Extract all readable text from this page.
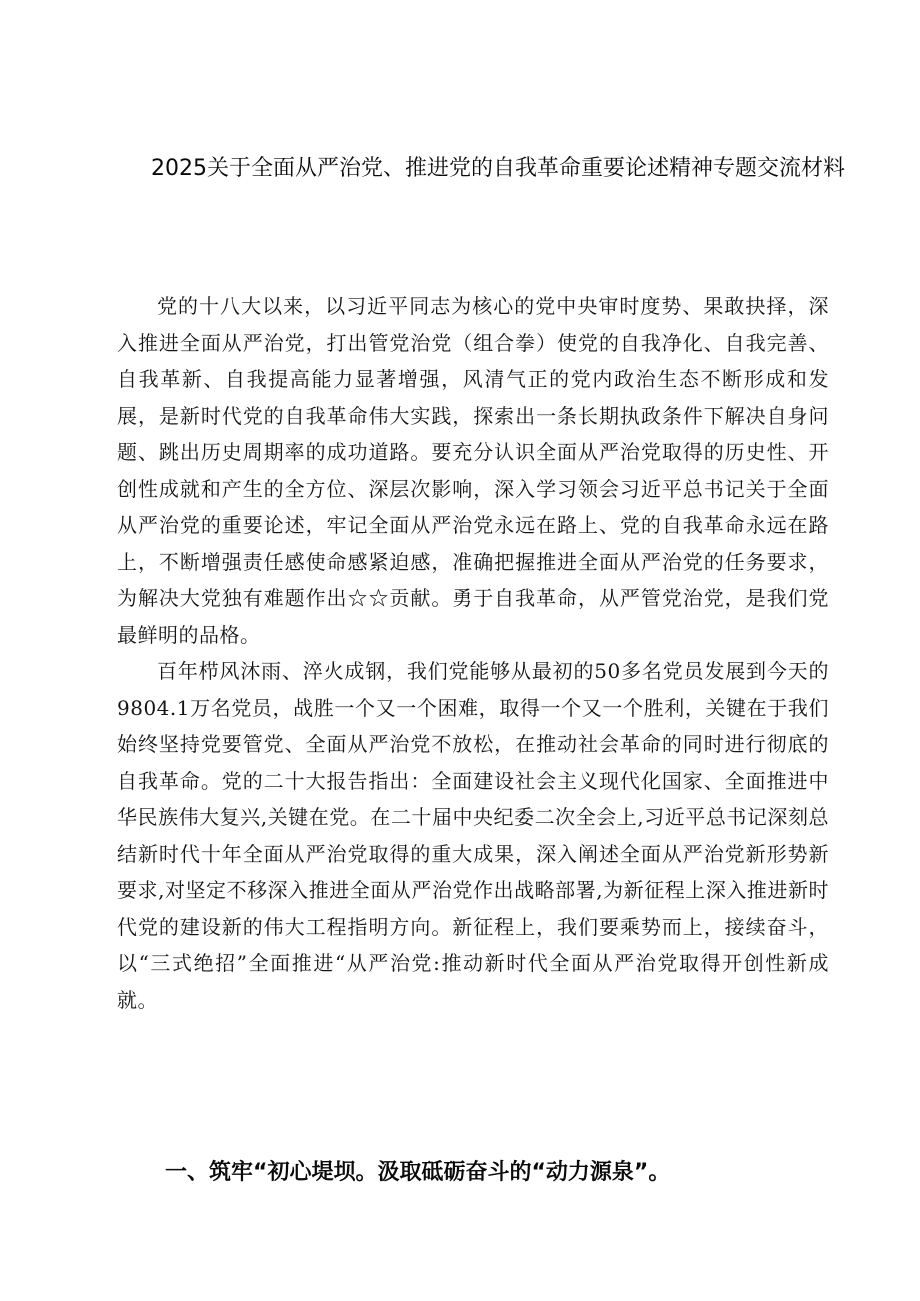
2025关于全面从严治党、推进党的自我革命重要论述精神专题交流材料

党的十八大以来，以习近平同志为核心的党中央审时度势、果敢抉择，深入推进全面从严治党，打出管党治党（组合拳）使党的自我净化、自我完善、自我革新、自我提高能力显著增强，风清气正的党内政治生态不断形成和发展，是新时代党的自我革命伟大实践，探索出一条长期执政条件下解决自身问题、跳出历史周期率的成功道路。要充分认识全面从严治党取得的历史性、开创性成就和产生的全方位、深层次影响，深入学习领会习近平总书记关于全面从严治党的重要论述，牢记全面从严治党永远在路上、党的自我革命永远在路上，不断增强责任感使命感紧迫感，准确把握推进全面从严治党的任务要求，为解决大党独有难题作出☆☆贡献。勇于自我革命，从严管党治党，是我们党最鲜明的品格。

百年栉风沐雨、淬火成钢，我们党能够从最初的50多名党员发展到今天的9804.1万名党员，战胜一个又一个困难，取得一个又一个胜利，关键在于我们始终坚持党要管党、全面从严治党不放松，在推动社会革命的同时进行彻底的自我革命。党的二十大报告指出：全面建设社会主义现代化国家、全面推进中华民族伟大复兴,关键在党。在二十届中央纪委二次全会上,习近平总书记深刻总结新时代十年全面从严治党取得的重大成果，深入阐述全面从严治党新形势新要求,对坚定不移深入推进全面从严治党作出战略部署,为新征程上深入推进新时代党的建设新的伟大工程指明方向。新征程上，我们要乘势而上，接续奋斗，以“三式绝招”全面推进“从严治党:推动新时代全面从严治党取得开创性新成就。

一、筑牢“初心堤坝。汲取砥砺奋斗的“动力源泉”。
